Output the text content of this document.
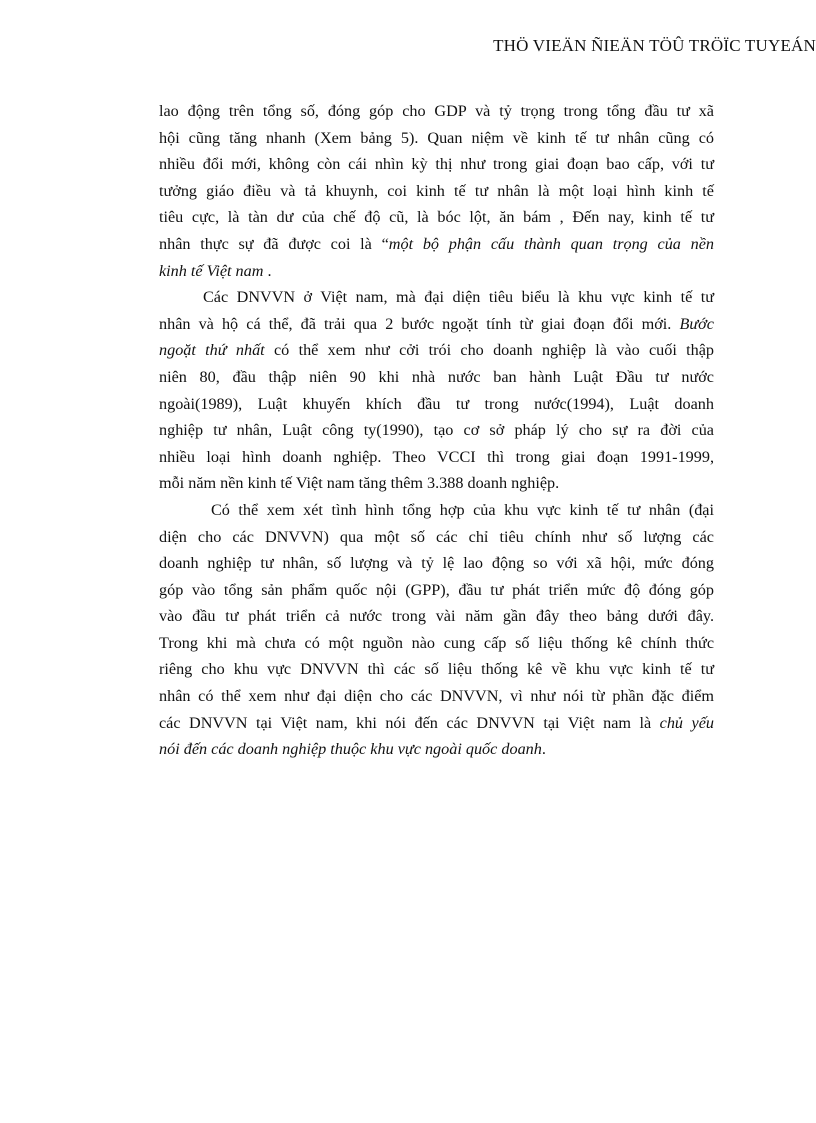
THÖ VIEÄN ÑIEÄN TÖÛ TRÖÏC TUYEÁN

lao động trên tổng số, đóng góp cho GDP và tỷ trọng trong tổng đầu tư xã
hội cũng tăng nhanh (Xem bảng 5). Quan niệm về kinh tế tư nhân cũng có
nhiều đổi mới, không còn cái nhìn kỳ thị như trong giai đoạn bao cấp, với tư
tưởng giáo điều và tả khuynh, coi kinh tế tư nhân là một loại hình kinh tế
tiêu cực, là tàn dư của chế độ cũ, là bóc lột, ăn bám , Đến nay, kinh tế tư
nhân thực sự đã được coi là “một bộ phận cấu thành quan trọng của nền
kinh tế Việt nam .

Các DNVVN ở Việt nam, mà đại diện tiêu biểu là khu vực kinh tế tư
nhân và hộ cá thể, đã trải qua 2 bước ngoặt tính từ giai đoạn đổi mới. Bước
ngoặt thứ nhất có thể xem như cởi trói cho doanh nghiệp là vào cuối thập
niên 80, đầu thập niên 90 khi nhà nước ban hành Luật Đầu tư nước
ngoài(1989), Luật khuyến khích đầu tư trong nước(1994), Luật doanh
nghiệp tư nhân, Luật công ty(1990), tạo cơ sở pháp lý cho sự ra đời của
nhiều loại hình doanh nghiệp. Theo VCCI thì trong giai đoạn 1991-1999,
mỗi năm nền kinh tế Việt nam tăng thêm 3.388 doanh nghiệp.

Có thể xem xét tình hình tổng hợp của khu vực kinh tế tư nhân (đại
diện cho các DNVVN) qua một số các chỉ tiêu chính như số lượng các
doanh nghiệp tư nhân, số lượng và tỷ lệ lao động so với xã hội, mức đóng
góp vào tổng sản phẩm quốc nội (GPP), đầu tư phát triển mức độ đóng góp
vào đầu tư phát triển cả nước trong vài năm gần đây theo bảng dưới đây.
Trong khi mà chưa có một nguồn nào cung cấp số liệu thống kê chính thức
riêng cho khu vực DNVVN thì các số liệu thống kê về khu vực kinh tế tư
nhân có thể xem như đại diện cho các DNVVN, vì như nói từ phần đặc điểm
các DNVVN tại Việt nam, khi nói đến các DNVVN tại Việt nam là chủ yếu
nói đến các doanh nghiệp thuộc khu vực ngoài quốc doanh.
